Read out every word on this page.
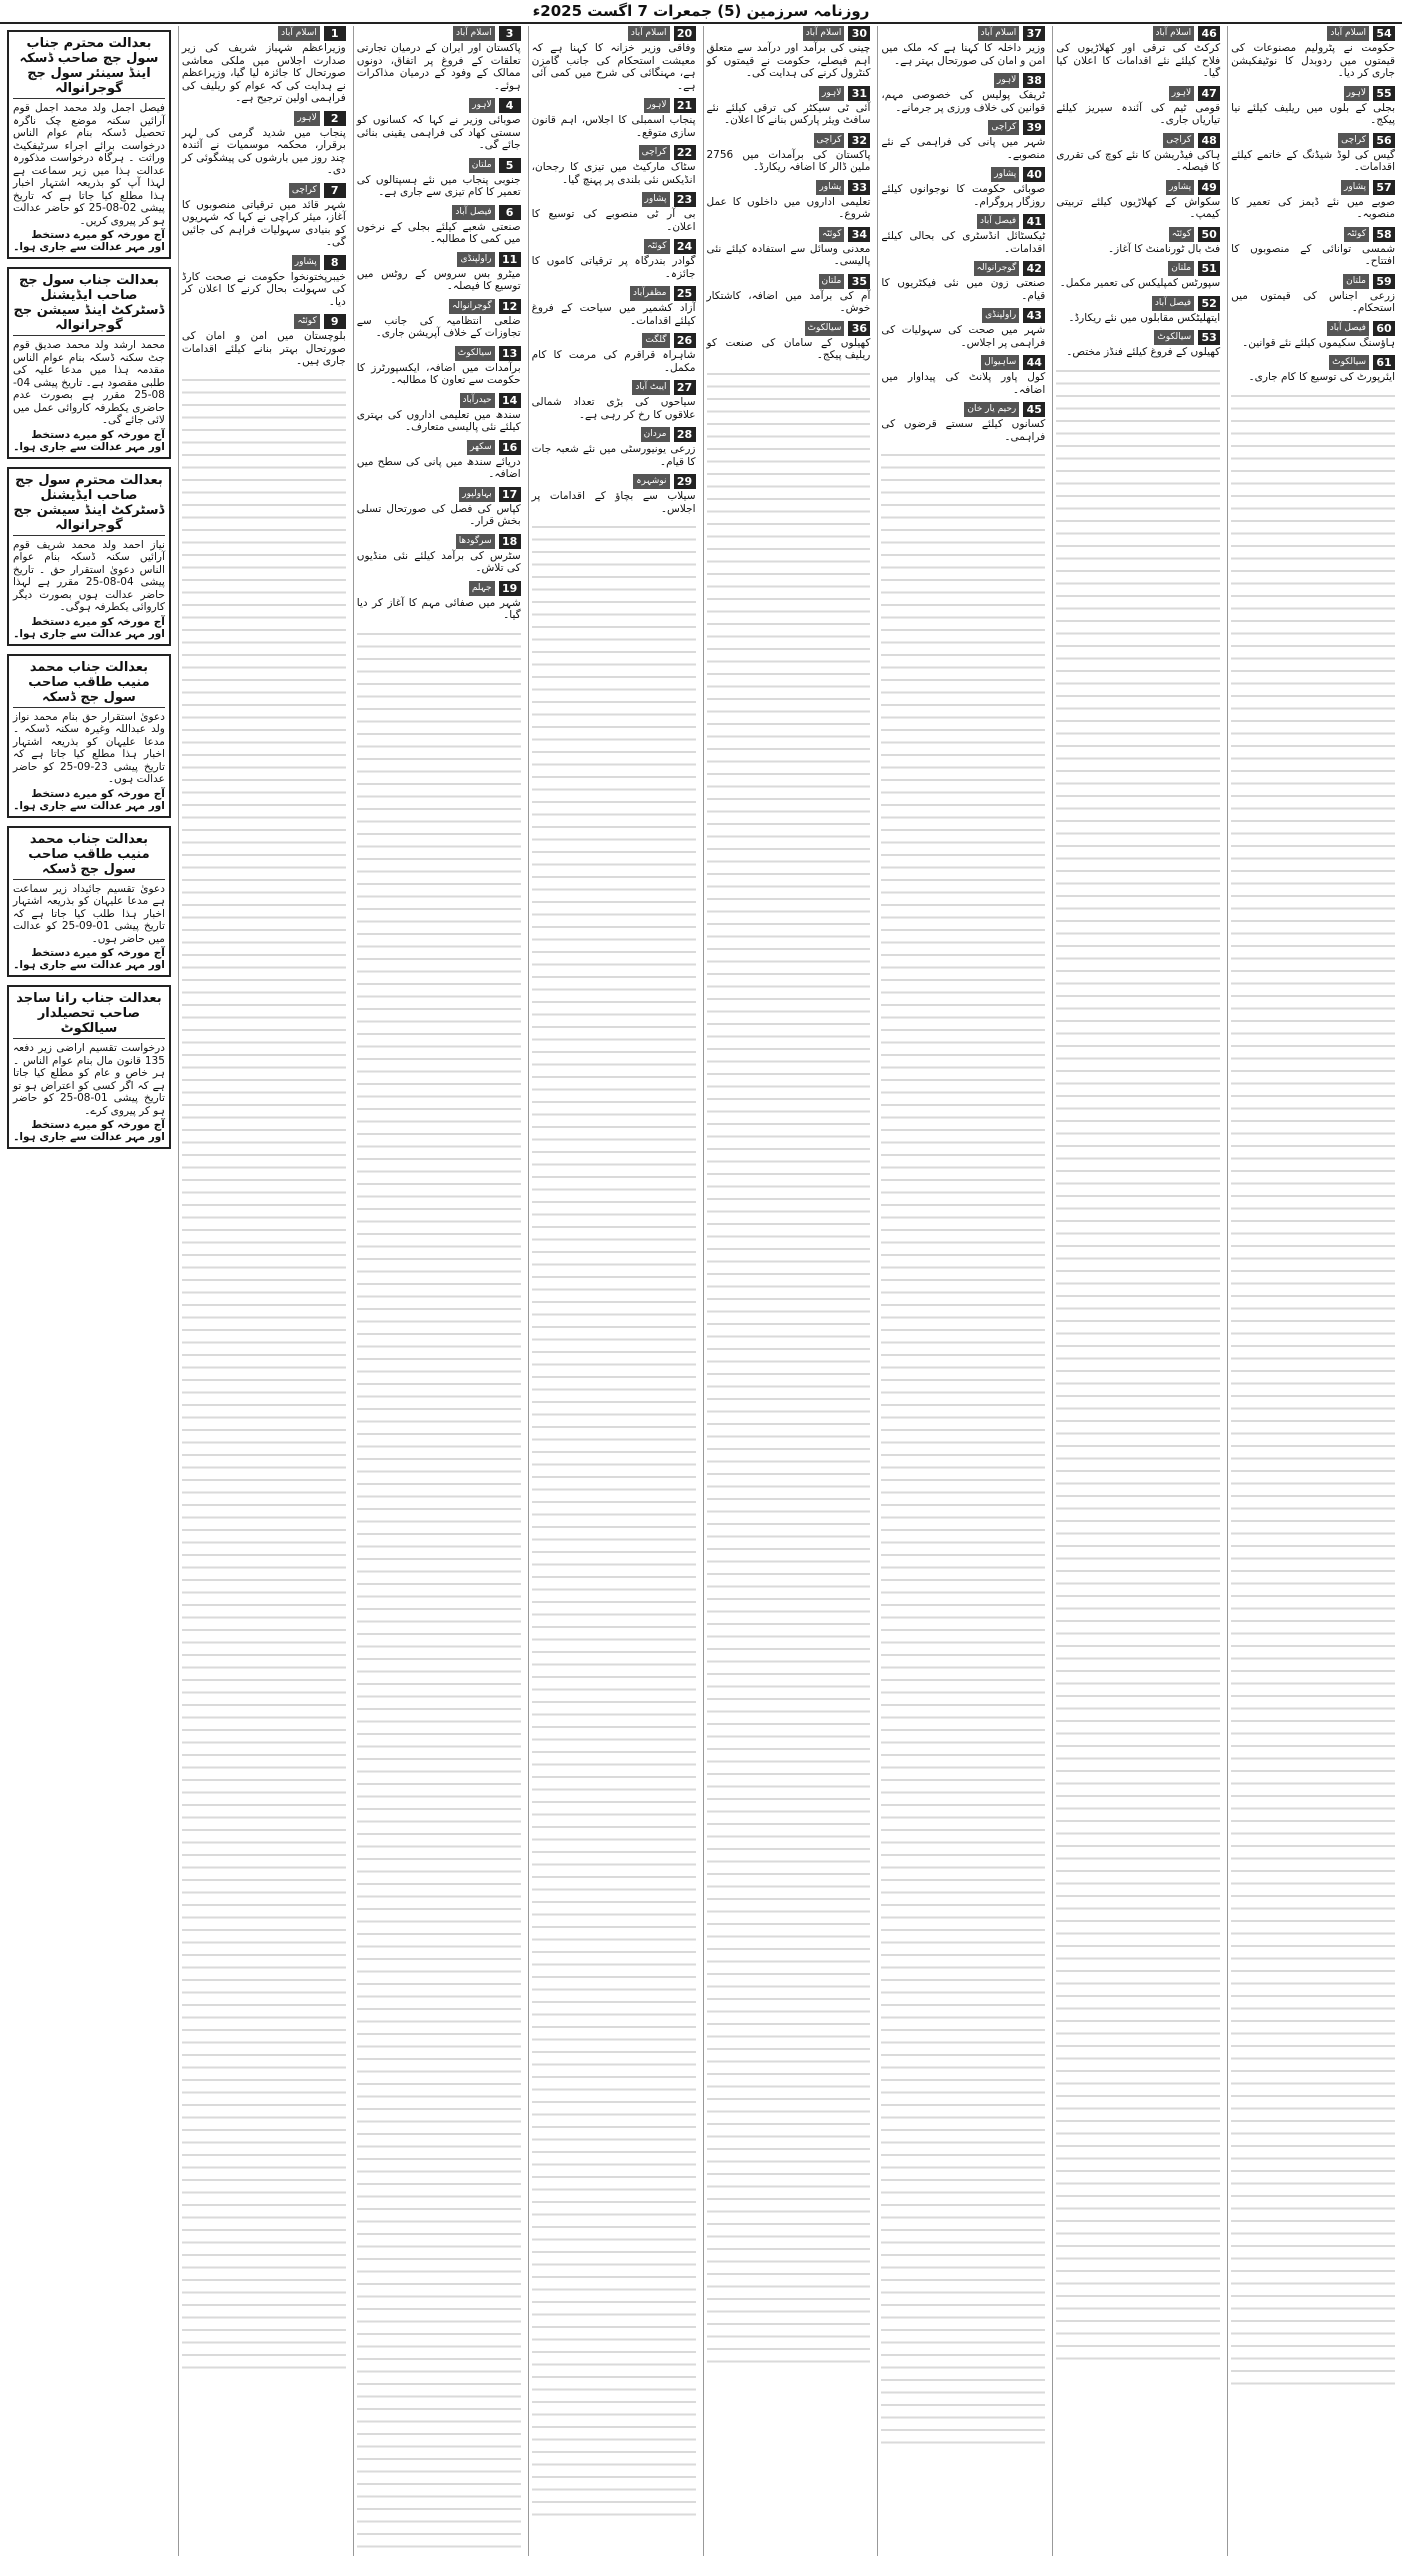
روزنامہ سرزمین (5) جمعرات 7 اگست 2025ء
بعدالت محترم جناب سول جج صاحب ڈسکہ اینڈ سینئر سول جج گوجرانوالہ
فیصل اجمل ولد محمد اجمل قوم آرائیں سکنہ موضع چک ناگرہ تحصیل ڈسکہ بنام عوام الناس درخواست برائے اجراء سرٹیفکیٹ وراثت ۔ ہرگاہ درخواست مذکورہ عدالت ہذا میں زیر سماعت ہے لہذا آپ کو بذریعہ اشتہار اخبار ہذا مطلع کیا جاتا ہے کہ تاریخ پیشی 02-08-25 کو حاضر عدالت ہو کر پیروی کریں۔
آج مورخہ کو میرے دستخط اور مہر عدالت سے جاری ہوا۔
بعدالت جناب سول جج صاحب ایڈیشنل ڈسٹرکٹ اینڈ سیشن جج گوجرانوالہ
محمد ارشد ولد محمد صدیق قوم جٹ سکنہ ڈسکہ بنام عوام الناس مقدمہ ہذا میں مدعا علیہ کی طلبی مقصود ہے۔ تاریخ پیشی 04-08-25 مقرر ہے بصورت عدم حاضری یکطرفہ کاروائی عمل میں لائی جائے گی۔
آج مورخہ کو میرے دستخط اور مہر عدالت سے جاری ہوا۔
بعدالت محترم سول جج صاحب ایڈیشنل ڈسٹرکٹ اینڈ سیشن جج گوجرانوالہ
نیاز احمد ولد محمد شریف قوم آرائیں سکنہ ڈسکہ بنام عوام الناس دعویٰ استقرار حق ۔ تاریخ پیشی 04-08-25 مقرر ہے لہذا حاضر عدالت ہوں بصورت دیگر کاروائی یکطرفہ ہوگی۔
آج مورخہ کو میرے دستخط اور مہر عدالت سے جاری ہوا۔
بعدالت جناب محمد منیب طاقب صاحب سول جج ڈسکہ
دعویٰ استقرار حق بنام محمد نواز ولد عبداللہ وغیرہ سکنہ ڈسکہ ۔ مدعا علیہان کو بذریعہ اشتہار اخبار ہذا مطلع کیا جاتا ہے کہ تاریخ پیشی 23-09-25 کو حاضر عدالت ہوں۔
آج مورخہ کو میرے دستخط اور مہر عدالت سے جاری ہوا۔
بعدالت جناب محمد منیب طاقب صاحب سول جج ڈسکہ
دعویٰ تقسیم جائیداد زیر سماعت ہے مدعا علیہان کو بذریعہ اشتہار اخبار ہذا طلب کیا جاتا ہے کہ تاریخ پیشی 01-09-25 کو عدالت میں حاضر ہوں۔
آج مورخہ کو میرے دستخط اور مہر عدالت سے جاری ہوا۔
بعدالت جناب رانا ساجد صاحب تحصیلدار سیالکوٹ
درخواست تقسیم اراضی زیر دفعہ 135 قانون مال بنام عوام الناس ۔ ہر خاص و عام کو مطلع کیا جاتا ہے کہ اگر کسی کو اعتراض ہو تو تاریخ پیشی 01-08-25 کو حاضر ہو کر پیروی کرے۔
آج مورخہ کو میرے دستخط اور مہر عدالت سے جاری ہوا۔
1
اسلام آباد
وزیراعظم شہباز شریف کی زیر صدارت اجلاس میں ملکی معاشی صورتحال کا جائزہ لیا گیا، وزیراعظم نے ہدایت کی کہ عوام کو ریلیف کی فراہمی اولین ترجیح ہے۔
2
لاہور
پنجاب میں شدید گرمی کی لہر برقرار، محکمہ موسمیات نے آئندہ چند روز میں بارشوں کی پیشگوئی کر دی۔
7
کراچی
شہر قائد میں ترقیاتی منصوبوں کا آغاز، میئر کراچی نے کہا کہ شہریوں کو بنیادی سہولیات فراہم کی جائیں گی۔
8
پشاور
خیبرپختونخوا حکومت نے صحت کارڈ کی سہولت بحال کرنے کا اعلان کر دیا۔
9
کوئٹہ
بلوچستان میں امن و امان کی صورتحال بہتر بنانے کیلئے اقدامات جاری ہیں۔
3
اسلام آباد
پاکستان اور ایران کے درمیان تجارتی تعلقات کے فروغ پر اتفاق، دونوں ممالک کے وفود کے درمیان مذاکرات ہوئے۔
4
لاہور
صوبائی وزیر نے کہا کہ کسانوں کو سستی کھاد کی فراہمی یقینی بنائی جائے گی۔
5
ملتان
جنوبی پنجاب میں نئے ہسپتالوں کی تعمیر کا کام تیزی سے جاری ہے۔
6
فیصل آباد
صنعتی شعبے کیلئے بجلی کے نرخوں میں کمی کا مطالبہ۔
11
راولپنڈی
میٹرو بس سروس کے روٹس میں توسیع کا فیصلہ۔
12
گوجرانوالہ
ضلعی انتظامیہ کی جانب سے تجاوزات کے خلاف آپریشن جاری۔
13
سیالکوٹ
برآمدات میں اضافہ، ایکسپورٹرز کا حکومت سے تعاون کا مطالبہ۔
14
حیدرآباد
سندھ میں تعلیمی اداروں کی بہتری کیلئے نئی پالیسی متعارف۔
16
سکھر
دریائے سندھ میں پانی کی سطح میں اضافہ۔
17
بہاولپور
کپاس کی فصل کی صورتحال تسلی بخش قرار۔
18
سرگودھا
سٹرس کی برآمد کیلئے نئی منڈیوں کی تلاش۔
19
جہلم
شہر میں صفائی مہم کا آغاز کر دیا گیا۔
20
اسلام آباد
وفاقی وزیر خزانہ کا کہنا ہے کہ معیشت استحکام کی جانب گامزن ہے، مہنگائی کی شرح میں کمی آئی ہے۔
21
لاہور
پنجاب اسمبلی کا اجلاس، اہم قانون سازی متوقع۔
22
کراچی
سٹاک مارکیٹ میں تیزی کا رجحان، انڈیکس نئی بلندی پر پہنچ گیا۔
23
پشاور
بی آر ٹی منصوبے کی توسیع کا اعلان۔
24
کوئٹہ
گوادر بندرگاہ پر ترقیاتی کاموں کا جائزہ۔
25
مظفرآباد
آزاد کشمیر میں سیاحت کے فروغ کیلئے اقدامات۔
26
گلگت
شاہراہ قراقرم کی مرمت کا کام مکمل۔
27
ایبٹ آباد
سیاحوں کی بڑی تعداد شمالی علاقوں کا رخ کر رہی ہے۔
28
مردان
زرعی یونیورسٹی میں نئے شعبہ جات کا قیام۔
29
نوشہرہ
سیلاب سے بچاؤ کے اقدامات پر اجلاس۔
30
اسلام آباد
چینی کی برآمد اور درآمد سے متعلق اہم فیصلے، حکومت نے قیمتوں کو کنٹرول کرنے کی ہدایت کی۔
31
لاہور
آئی ٹی سیکٹر کی ترقی کیلئے نئے سافٹ ویئر پارکس بنانے کا اعلان۔
32
کراچی
پاکستان کی برآمدات میں 2756 ملین ڈالر کا اضافہ ریکارڈ۔
33
پشاور
تعلیمی اداروں میں داخلوں کا عمل شروع۔
34
کوئٹہ
معدنی وسائل سے استفادہ کیلئے نئی پالیسی۔
35
ملتان
آم کی برآمد میں اضافہ، کاشتکار خوش۔
36
سیالکوٹ
کھیلوں کے سامان کی صنعت کو ریلیف پیکج۔
37
اسلام آباد
وزیر داخلہ کا کہنا ہے کہ ملک میں امن و امان کی صورتحال بہتر ہے۔
38
لاہور
ٹریفک پولیس کی خصوصی مہم، قوانین کی خلاف ورزی پر جرمانے۔
39
کراچی
شہر میں پانی کی فراہمی کے نئے منصوبے۔
40
پشاور
صوبائی حکومت کا نوجوانوں کیلئے روزگار پروگرام۔
41
فیصل آباد
ٹیکسٹائل انڈسٹری کی بحالی کیلئے اقدامات۔
42
گوجرانوالہ
صنعتی زون میں نئی فیکٹریوں کا قیام۔
43
راولپنڈی
شہر میں صحت کی سہولیات کی فراہمی پر اجلاس۔
44
ساہیوال
کول پاور پلانٹ کی پیداوار میں اضافہ۔
45
رحیم یار خان
کسانوں کیلئے سستے قرضوں کی فراہمی۔
46
اسلام آباد
کرکٹ کی ترقی اور کھلاڑیوں کی فلاح کیلئے نئے اقدامات کا اعلان کیا گیا۔
47
لاہور
قومی ٹیم کی آئندہ سیریز کیلئے تیاریاں جاری۔
48
کراچی
ہاکی فیڈریشن کا نئے کوچ کی تقرری کا فیصلہ۔
49
پشاور
سکواش کے کھلاڑیوں کیلئے تربیتی کیمپ۔
50
کوئٹہ
فٹ بال ٹورنامنٹ کا آغاز۔
51
ملتان
سپورٹس کمپلیکس کی تعمیر مکمل۔
52
فیصل آباد
ایتھلیٹکس مقابلوں میں نئے ریکارڈ۔
53
سیالکوٹ
کھیلوں کے فروغ کیلئے فنڈز مختص۔
54
اسلام آباد
حکومت نے پٹرولیم مصنوعات کی قیمتوں میں ردوبدل کا نوٹیفکیشن جاری کر دیا۔
55
لاہور
بجلی کے بلوں میں ریلیف کیلئے نیا پیکج۔
56
کراچی
گیس کی لوڈ شیڈنگ کے خاتمے کیلئے اقدامات۔
57
پشاور
صوبے میں نئے ڈیمز کی تعمیر کا منصوبہ۔
58
کوئٹہ
شمسی توانائی کے منصوبوں کا افتتاح۔
59
ملتان
زرعی اجناس کی قیمتوں میں استحکام۔
60
فیصل آباد
ہاؤسنگ سکیموں کیلئے نئے قوانین۔
61
سیالکوٹ
ایئرپورٹ کی توسیع کا کام جاری۔
